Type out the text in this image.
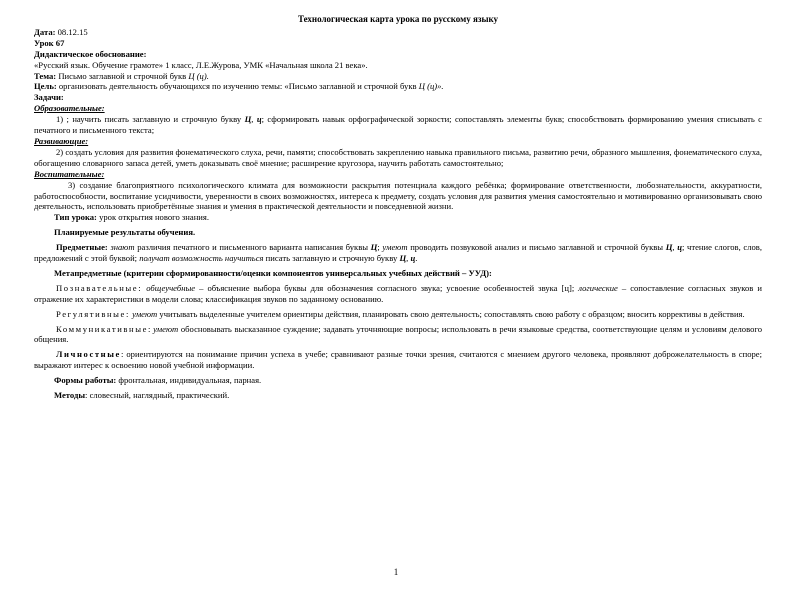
Технологическая карта урока по русскому языку
Дата: 08.12.15
Урок 67
Дидактическое обоснование:
«Русский язык. Обучение грамоте» 1 класс, Л.Е.Журова, УМК «Начальная школа 21 века».
Тема: Письмо заглавной и строчной букв Ц (ц).
Цель: организовать деятельность обучающихся по изучению темы: «Письмо заглавной и строчной букв Ц (ц)».
Задачи:
Образовательные:
1) ; научить писать заглавную и строчную букву Ц, ц; сформировать навык орфографической зоркости; сопоставлять элементы букв; способствовать формированию умения списывать с печатного и письменного текста;
Развивающие:
2) создать условия для развития фонематического слуха, речи, памяти; способствовать закреплению навыка правильного письма, развитию речи, образного мышления, фонематического слуха, обогащению словарного запаса детей, уметь доказывать своё мнение; расширение кругозора, научить работать самостоятельно;
Воспитательные:
3) создание благоприятного психологического климата для возможности раскрытия потенциала каждого ребёнка; формирование ответственности, любознательности, аккуратности, работоспособности, воспитание усидчивости, уверенности в своих возможностях, интереса к предмету, создать условия для развития умения самостоятельно и мотивированно организовывать свою деятельность, использовать приобретённые знания и умения в практической деятельности и повседневной жизни.
Тип урока: урок открытия нового знания.
Планируемые результаты обучения.
Предметные: знают различия печатного и письменного варианта написания буквы Ц; умеют проводить позвуковой анализ и письмо заглавной и строчной буквы Ц, ц; чтение слогов, слов, предложений с этой буквой; получат возможность научиться писать заглавную и строчную букву Ц, ц.
Метапредметные (критерии сформированности/оценки компонентов универсальных учебных действий – УУД):
Познавательные: общеучебные – объяснение выбора буквы для обозначения согласного звука; усвоение особенностей звука [ц]; логические – сопоставление согласных звуков и отражение их характеристики в модели слова; классификация звуков по заданному основанию.
Регулятивные: умеют учитывать выделенные учителем ориентиры действия, планировать свою деятельность; сопоставлять свою работу с образцом; вносить коррективы в действия.
Коммуникативные: умеют обосновывать высказанное суждение; задавать уточняющие вопросы; использовать в речи языковые средства, соответствующие целям и условиям делового общения.
Личностные: ориентируются на понимание причин успеха в учебе; сравнивают разные точки зрения, считаются с мнением другого человека, проявляют доброжелательность в споре; выражают интерес к освоению новой учебной информации.
Формы работы: фронтальная, индивидуальная, парная.
Методы: словесный, наглядный, практический.
1
